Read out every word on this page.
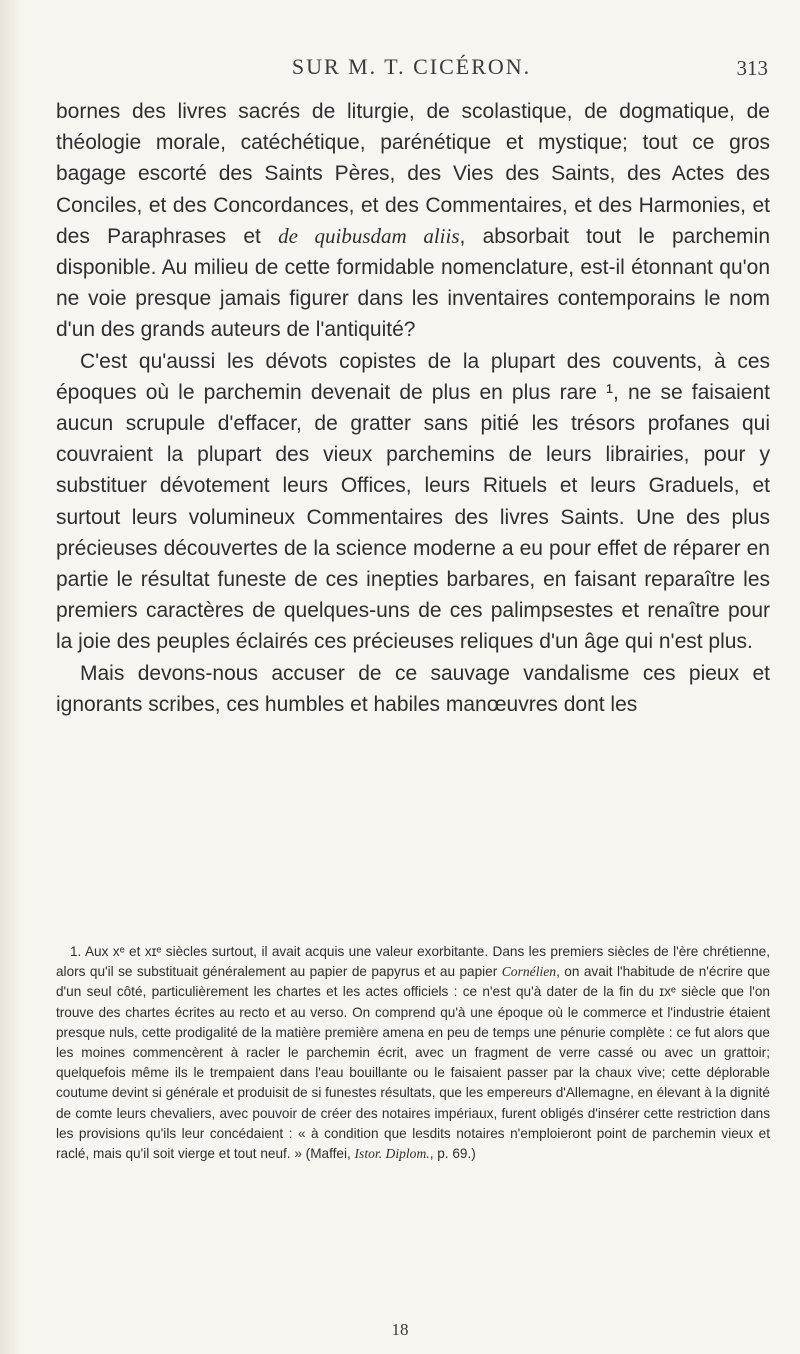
SUR M. T. CICÉRON.	313

bornes des livres sacrés de liturgie, de scolastique, de dogmatique, de théologie morale, catéchétique, parénétique et mystique; tout ce gros bagage escorté des Saints Pères, des Vies des Saints, des Actes des Conciles, et des Concordances, et des Commentaires, et des Harmonies, et des Paraphrases et de quibusdam aliis, absorbait tout le parchemin disponible. Au milieu de cette formidable nomenclature, est-il étonnant qu'on ne voie presque jamais figurer dans les inventaires contemporains le nom d'un des grands auteurs de l'antiquité?

C'est qu'aussi les dévots copistes de la plupart des couvents, à ces époques où le parchemin devenait de plus en plus rare ¹, ne se faisaient aucun scrupule d'effacer, de gratter sans pitié les trésors profanes qui couvraient la plupart des vieux parchemins de leurs librairies, pour y substituer dévotement leurs Offices, leurs Rituels et leurs Graduels, et surtout leurs volumineux Commentaires des livres Saints. Une des plus précieuses découvertes de la science moderne a eu pour effet de réparer en partie le résultat funeste de ces inepties barbares, en faisant reparaître les premiers caractères de quelques-uns de ces palimpsestes et renaître pour la joie des peuples éclairés ces précieuses reliques d'un âge qui n'est plus.

Mais devons-nous accuser de ce sauvage vandalisme ces pieux et ignorants scribes, ces humbles et habiles manœuvres dont les

1. Aux xᵉ et xɪᵉ siècles surtout, il avait acquis une valeur exorbitante. Dans les premiers siècles de l'ère chrétienne, alors qu'il se substituait généralement au papier de papyrus et au papier Cornélien, on avait l'habitude de n'écrire que d'un seul côté, particulièrement les chartes et les actes officiels : ce n'est qu'à dater de la fin du ɪxᵉ siècle que l'on trouve des chartes écrites au recto et au verso. On comprend qu'à une époque où le commerce et l'industrie étaient presque nuls, cette prodigalité de la matière première amena en peu de temps une pénurie complète : ce fut alors que les moines commencèrent à racler le parchemin écrit, avec un fragment de verre cassé ou avec un grattoir; quelquefois même ils le trempaient dans l'eau bouillante ou le faisaient passer par la chaux vive; cette déplorable coutume devint si générale et produisit de si funestes résultats, que les empereurs d'Allemagne, en élevant à la dignité de comte leurs chevaliers, avec pouvoir de créer des notaires impériaux, furent obligés d'insérer cette restriction dans les provisions qu'ils leur concédaient : « à condition que lesdits notaires n'emploieront point de parchemin vieux et raclé, mais qu'il soit vierge et tout neuf. » (Maffei, Istor. Diplom., p. 69.)

18
